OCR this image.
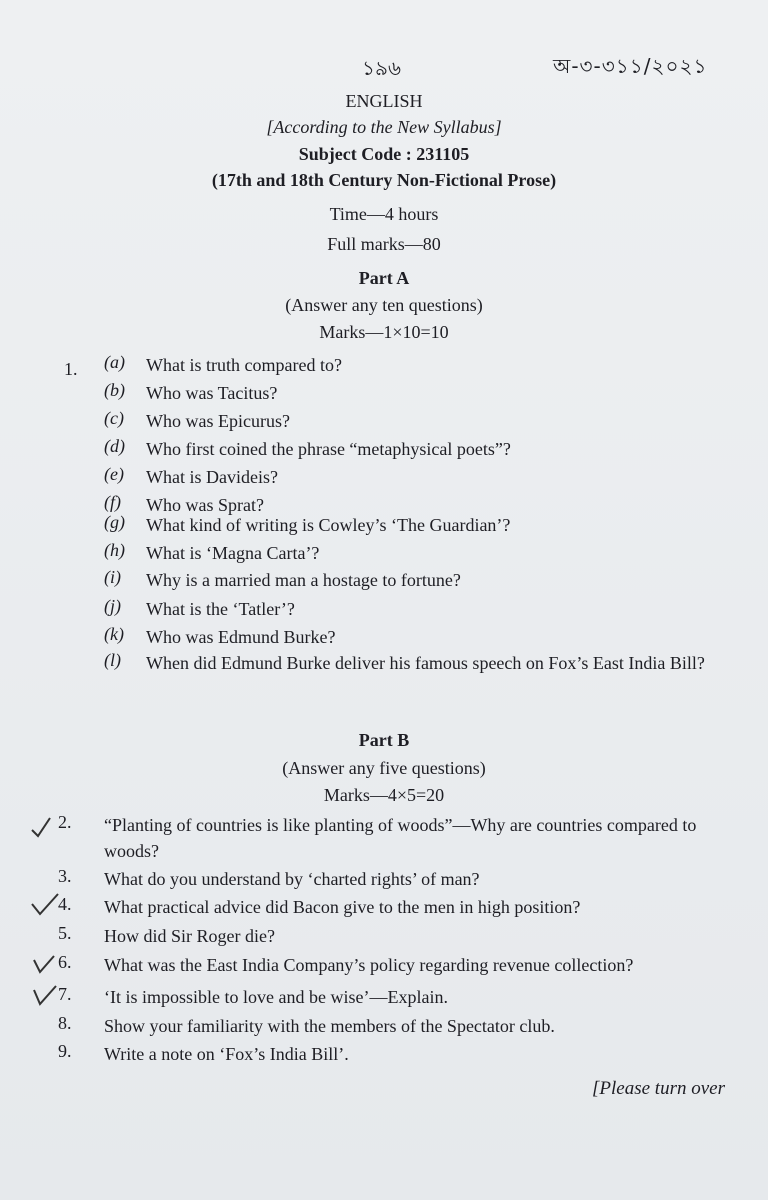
১৯৬	অ-৩-৩১১/২০২১
ENGLISH
[According to the New Syllabus]
Subject Code : 231105
(17th and 18th Century Non-Fictional Prose)
Time—4 hours
Full marks—80
Part A
(Answer any ten questions)
Marks—1×10=10
1. (a) What is truth compared to?
(b) Who was Tacitus?
(c) Who was Epicurus?
(d) Who first coined the phrase “metaphysical poets”?
(e) What is Davideis?
(f) Who was Sprat?
(g) What kind of writing is Cowley’s ‘The Guardian’?
(h) What is ‘Magna Carta’?
(i) Why is a married man a hostage to fortune?
(j) What is the ‘Tatler’?
(k) Who was Edmund Burke?
(l) When did Edmund Burke deliver his famous speech on Fox’s East India Bill?
Part B
(Answer any five questions)
Marks—4×5=20
2.	“Planting of countries is like planting of woods”—Why are countries compared to woods?
3.	What do you understand by ‘charted rights’ of man?
4.	What practical advice did Bacon give to the men in high position?
5.	How did Sir Roger die?
6.	What was the East India Company’s policy regarding revenue collection?
7.	‘It is impossible to love and be wise’—Explain.
8.	Show your familiarity with the members of the Spectator club.
9.	Write a note on ‘Fox’s India Bill’.
[Please turn over
